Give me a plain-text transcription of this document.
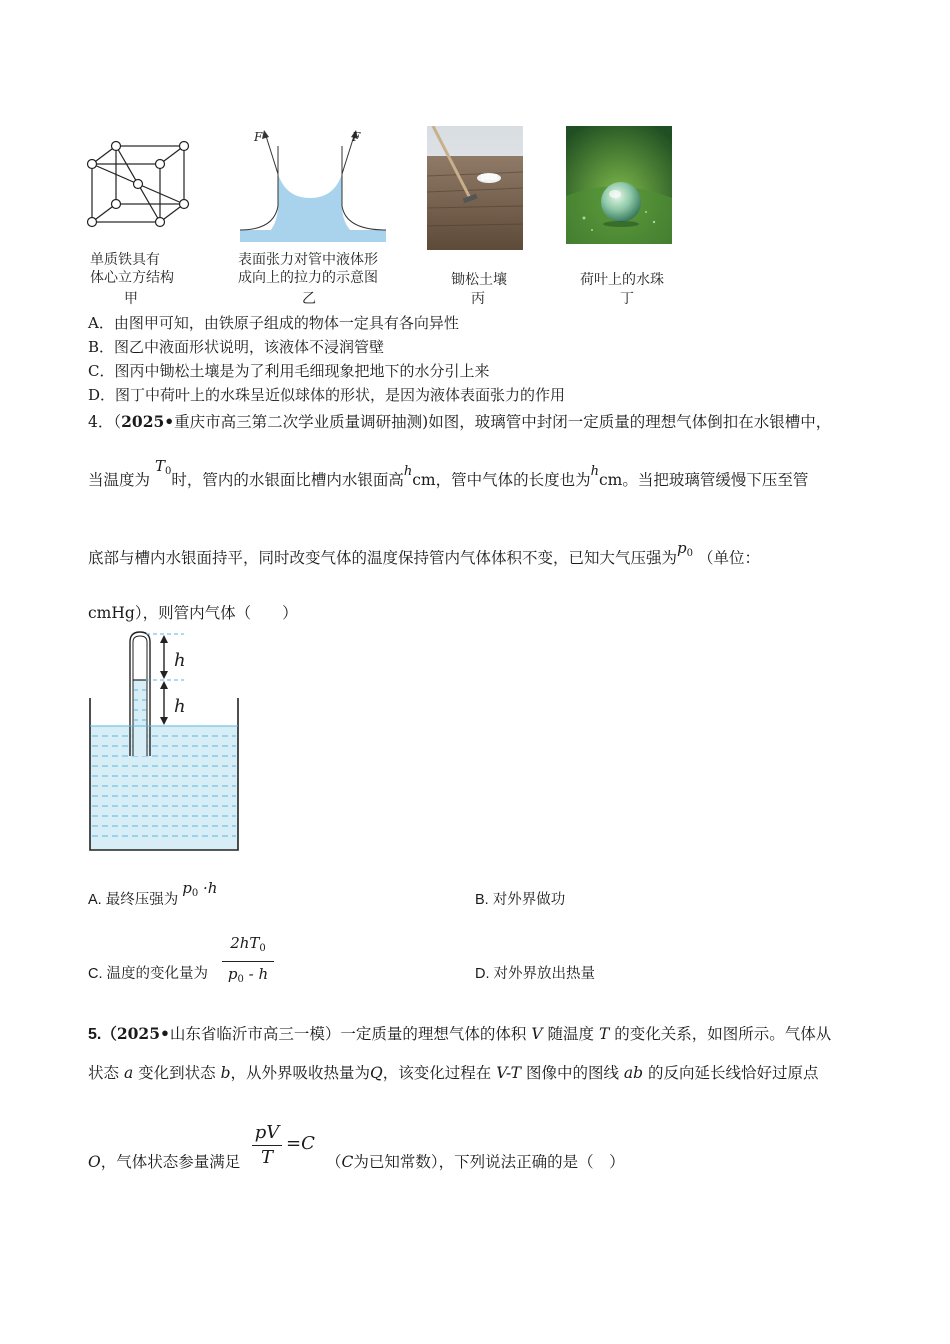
单质铁具有
体心立方结构
甲
F	F
表面张力对管中液体形
成向上的拉力的示意图
乙
锄松土壤
丙
荷叶上的水珠
丁
A．由图甲可知，由铁原子组成的物体一定具有各向异性
B．图乙中液面形状说明，该液体不浸润管壁
C．图丙中锄松土壤是为了利用毛细现象把地下的水分引上来
D．图丁中荷叶上的水珠呈近似球体的形状，是因为液体表面张力的作用
4．（2025•重庆市高三第二次学业质量调研抽测)如图，玻璃管中封闭一定质量的理想气体倒扣在水银槽中，
当温度为 $T_0$时，管内的水银面比槽内水银面高$^h$cm，管中气体的长度也为$^h$cm。当把玻璃管缓慢下压至管
底部与槽内水银面持平，同时改变气体的温度保持管内气体体积不变，已知大气压强为$p_0$ （单位：
cmHg），则管内气体（　　）
h
h
A. 最终压强为 $p_0 \cdot h$
B. 对外界做功
C. 温度的变化量为
$2hT_0$
$p_0$ - h	D. 对外界放出热量
5.（2025•山东省临沂市高三一模）一定质量的理想气体的体积 V 随温度 T 的变化关系，如图所示。气体从
状态 a 变化到状态 b，从外界吸收热量为Q，该变化过程在 V-T 图像中的图线 ab 的反向延长线恰好过原点
O，气体状态参量满足
pV
T
=C
（C为已知常数），下列说法正确的是（　）
